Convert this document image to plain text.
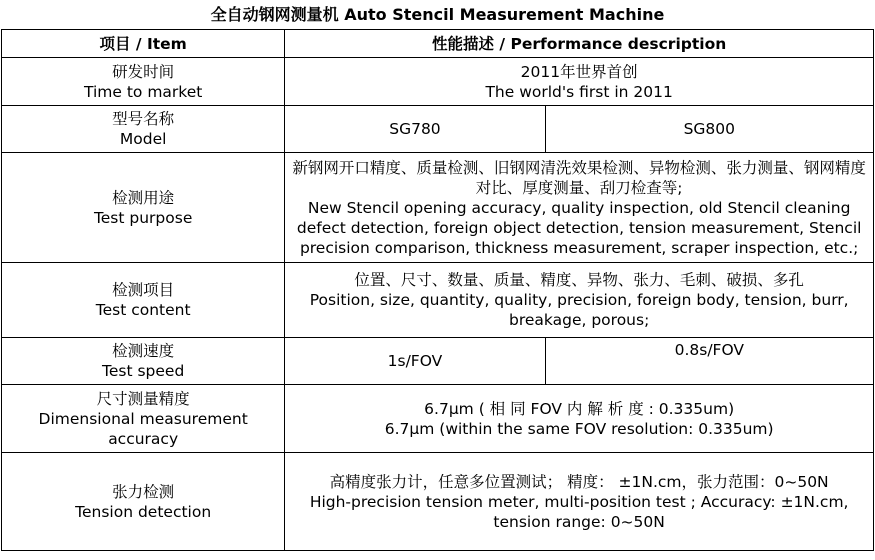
全自动钢网测量机 Auto Stencil Measurement Machine
项目 / Item	性能描述 / Performance description	

研发时间
Time to market	2011年世界首创
The world's first in 2011	

型号名称
Model	SG780	SG800

检测用途
Test purpose	新钢网开口精度、质量检测、旧钢网清洗效果检测、异物检测、张力测量、钢网精度对比、厚度测量、刮刀检查等;
New Stencil opening accuracy, quality inspection, old Stencil cleaning defect detection, foreign object detection, tension measurement, Stencil precision comparison, thickness measurement, scraper inspection, etc.;	

检测项目
Test content	位置、尺寸、数量、质量、精度、异物、张力、毛刺、破损、多孔
Position, size, quantity, quality, precision, foreign body, tension, burr, breakage, porous;	

检测速度
Test speed	1s/FOV	0.8s/FOV

尺寸测量精度
Dimensional measurement accuracy	6.7μm ( 相 同 FOV 内 解 析 度 : 0.335um)
6.7μm (within the same FOV resolution: 0.335um)	

张力检测
Tension detection	高精度张力计，任意多位置测试； 精度： ±1N.cm，张力范围：0~50N
High-precision tension meter, multi-position test ; Accuracy: ±1N.cm, tension range: 0~50N	
